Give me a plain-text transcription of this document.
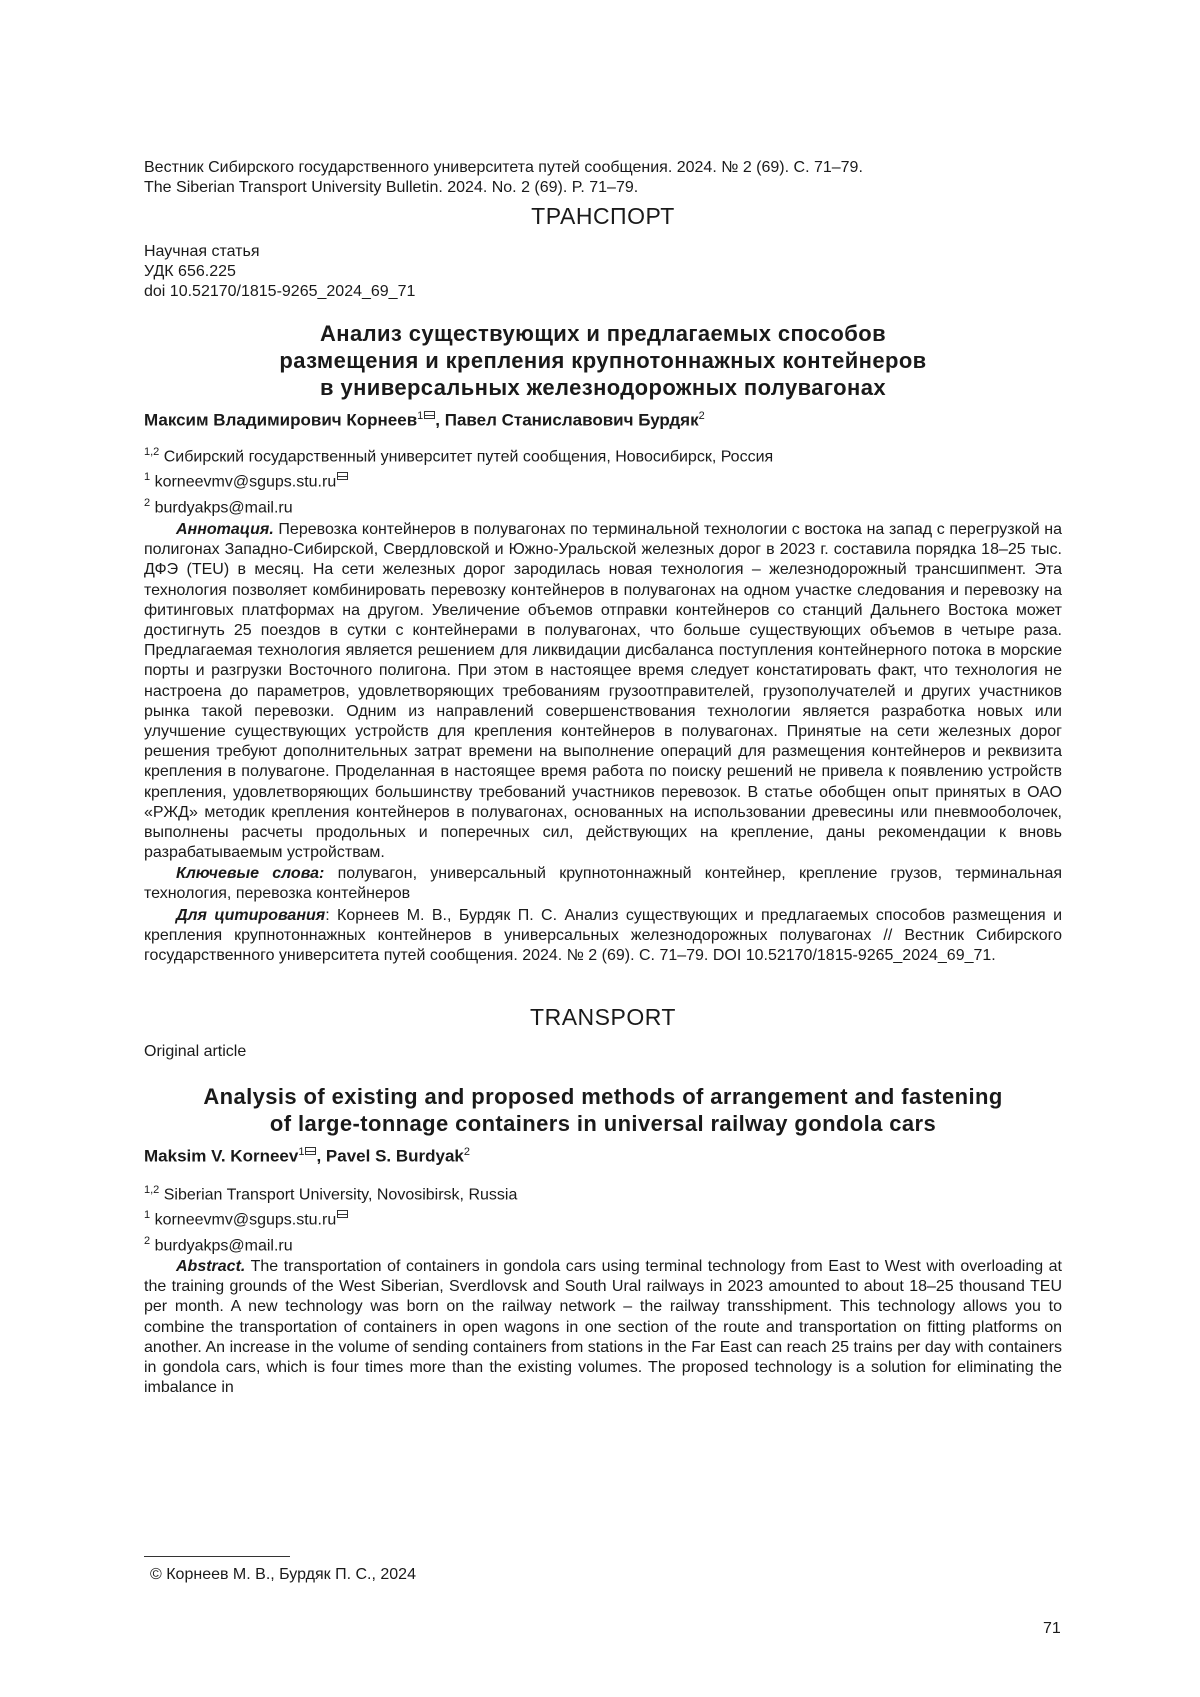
Вестник Сибирского государственного университета путей сообщения. 2024. № 2 (69). С. 71–79.
The Siberian Transport University Bulletin. 2024. No. 2 (69). P. 71–79.
ТРАНСПОРТ
Научная статья
УДК 656.225
doi 10.52170/1815-9265_2024_69_71
Анализ существующих и предлагаемых способов
размещения и крепления крупнотоннажных контейнеров
в универсальных железнодорожных полувагонах
Максим Владимирович Корнеев$^1$ , Павел Станиславович Бурдяк$^2$
$^{1,2}$ Сибирский государственный университет путей сообщения, Новосибирск, Россия
$^1$ korneevmv@sgups.stu.ru
$^2$ burdyakps@mail.ru
Аннотация. Перевозка контейнеров в полувагонах по терминальной технологии с востока на запад с перегрузкой на полигонах Западно-Сибирской, Свердловской и Южно-Уральской железных дорог в 2023 г. составила порядка 18–25 тыс. ДФЭ (TEU) в месяц. На сети железных дорог зародилась новая технология – железнодорожный трансшипмент. Эта технология позволяет комбинировать перевозку контейнеров в полувагонах на одном участке следования и перевозку на фитинговых платформах на другом. Увеличение объемов отправки контейнеров со станций Дальнего Востока может достигнуть 25 поездов в сутки с контейнерами в полувагонах, что больше существующих объемов в четыре раза. Предлагаемая технология является решением для ликвидации дисбаланса поступления контейнерного потока в морские порты и разгрузки Восточного полигона. При этом в настоящее время следует констатировать факт, что технология не настроена до параметров, удовлетворяющих требованиям грузоотправителей, грузополучателей и других участников рынка такой перевозки. Одним из направлений совершенствования технологии является разработка новых или улучшение существующих устройств для крепления контейнеров в полувагонах. Принятые на сети железных дорог решения требуют дополнительных затрат времени на выполнение операций для размещения контейнеров и реквизита крепления в полувагоне. Проделанная в настоящее время работа по поиску решений не привела к появлению устройств крепления, удовлетворяющих большинству требований участников перевозок. В статье обобщен опыт принятых в ОАО «РЖД» методик крепления контейнеров в полувагонах, основанных на использовании древесины или пневмооболочек, выполнены расчеты продольных и поперечных сил, действующих на крепление, даны рекомендации к вновь разрабатываемым устройствам.
Ключевые слова: полувагон, универсальный крупнотоннажный контейнер, крепление грузов, терминальная технология, перевозка контейнеров
Для цитирования: Корнеев М. В., Бурдяк П. С. Анализ существующих и предлагаемых способов размещения и крепления крупнотоннажных контейнеров в универсальных железнодорожных полувагонах // Вестник Сибирского государственного университета путей сообщения. 2024. № 2 (69). С. 71–79. DOI 10.52170/1815-9265_2024_69_71.
TRANSPORT
Original article
Analysis of existing and proposed methods of arrangement and fastening
of large-tonnage containers in universal railway gondola cars
Maksim V. Korneev$^1$ , Pavel S. Burdyak$^2$
$^{1,2}$ Siberian Transport University, Novosibirsk, Russia
$^1$ korneevmv@sgups.stu.ru
$^2$ burdyakps@mail.ru
Abstract. The transportation of containers in gondola cars using terminal technology from East to West with overloading at the training grounds of the West Siberian, Sverdlovsk and South Ural railways in 2023 amounted to about 18–25 thousand TEU per month. A new technology was born on the railway network – the railway transshipment. This technology allows you to combine the transportation of containers in open wagons in one section of the route and transportation on fitting platforms on another. An increase in the volume of sending containers from stations in the Far East can reach 25 trains per day with containers in gondola cars, which is four times more than the existing volumes. The proposed technology is a solution for eliminating the imbalance in
© Корнеев М. В., Бурдяк П. С., 2024
71
